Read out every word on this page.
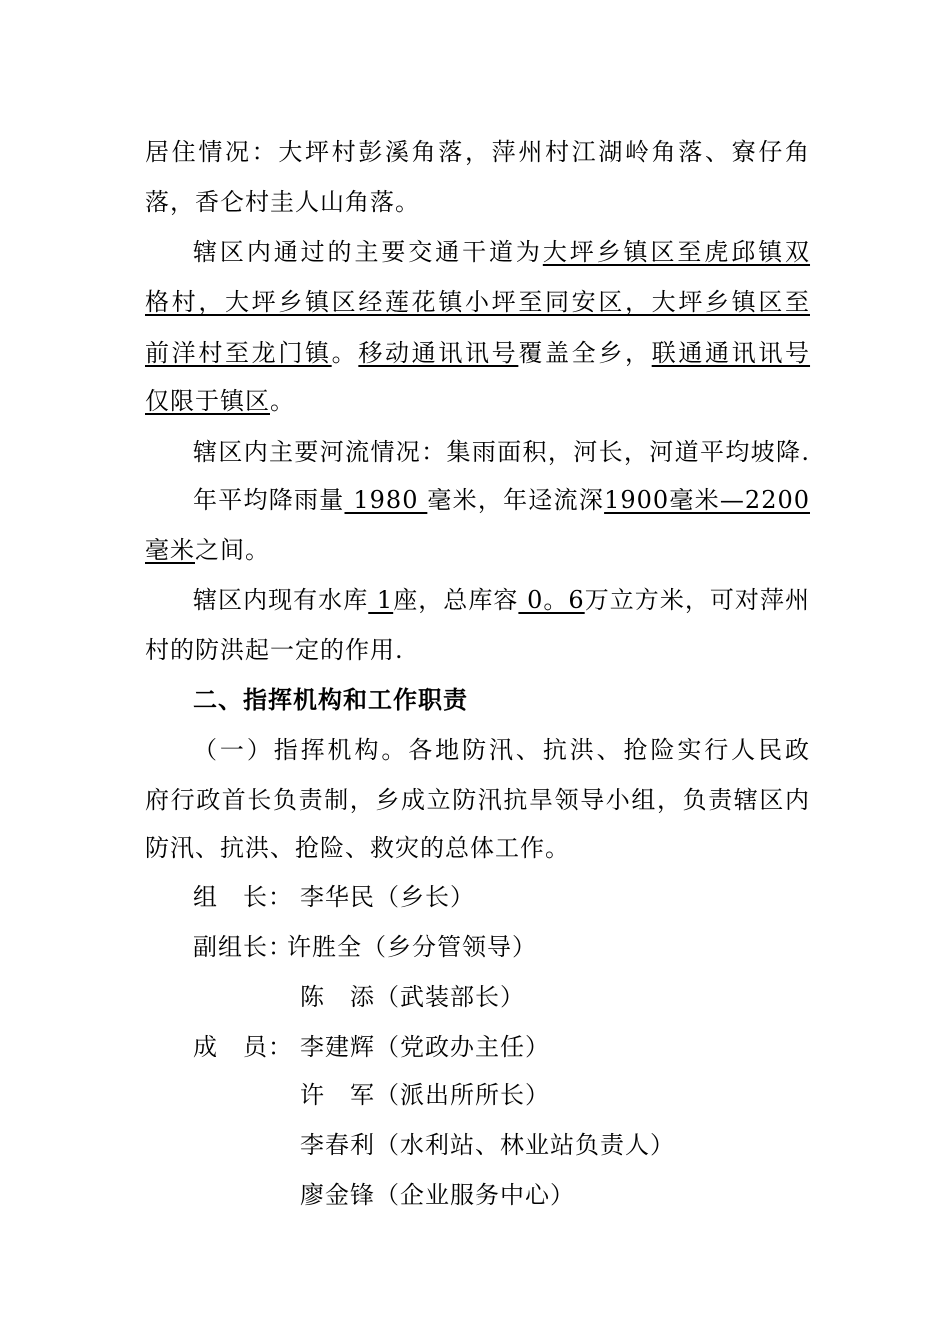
居住情况：大坪村彭溪角落，萍州村江湖岭角落、寮仔角
落，香仑村圭人山角落。
辖区内通过的主要交通干道为大坪乡镇区至虎邱镇双
格村，大坪乡镇区经莲花镇小坪至同安区，大坪乡镇区至
前洋村至龙门镇。移动通讯讯号覆盖全乡，联通通讯讯号
仅限于镇区。
辖区内主要河流情况：集雨面积，河长，河道平均坡降.
年平均降雨量 1980 毫米，年迳流深1900毫米—2200
毫米之间。
辖区内现有水库 1座，总库容 0。6万立方米，可对萍州
村的防洪起一定的作用.
二、指挥机构和工作职责
（一）指挥机构。各地防汛、抗洪、抢险实行人民政
府行政首长负责制，乡成立防汛抗旱领导小组，负责辖区内
防汛、抗洪、抢险、救灾的总体工作。
组　长： 李华民（乡长）
副组长：
许胜全（乡分管领导）
陈　添（武装部长）
成　员： 李建辉（党政办主任）
许　军（派出所所长）
李春利（水利站、林业站负责人）
廖金锋（企业服务中心）
